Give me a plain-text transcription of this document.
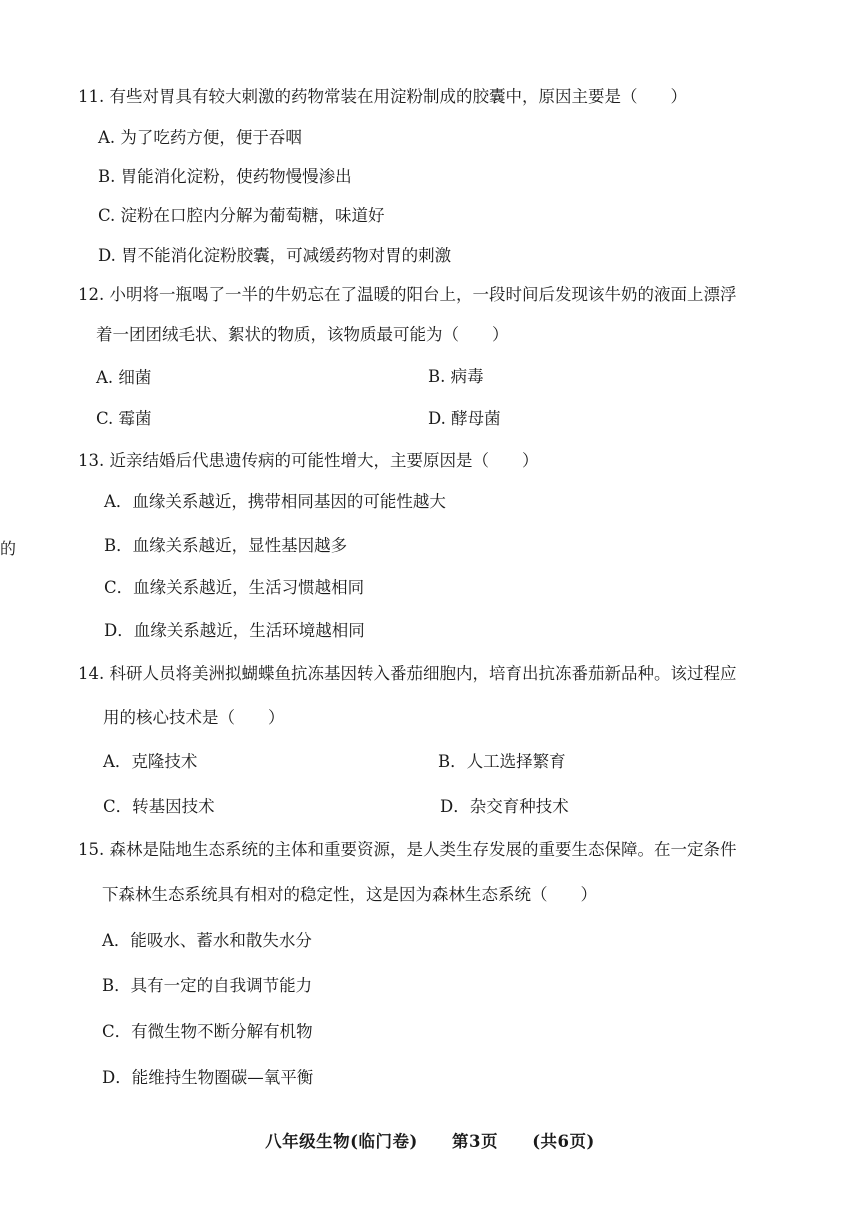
的
11. 有些对胃具有较大刺激的药物常装在用淀粉制成的胶囊中，原因主要是（　　）
A. 为了吃药方便，便于吞咽
B. 胃能消化淀粉，使药物慢慢渗出
C. 淀粉在口腔内分解为葡萄糖，味道好
D. 胃不能消化淀粉胶囊，可减缓药物对胃的刺激
12. 小明将一瓶喝了一半的牛奶忘在了温暖的阳台上，一段时间后发现该牛奶的液面上漂浮
着一团团绒毛状、絮状的物质，该物质最可能为（　　）
A. 细菌	B. 病毒
C. 霉菌	D. 酵母菌
13. 近亲结婚后代患遗传病的可能性增大，主要原因是（　　）
A．血缘关系越近，携带相同基因的可能性越大
B．血缘关系越近，显性基因越多
C．血缘关系越近，生活习惯越相同
D．血缘关系越近，生活环境越相同
14. 科研人员将美洲拟蝴蝶鱼抗冻基因转入番茄细胞内，培育出抗冻番茄新品种。该过程应
用的核心技术是（　　）
A．克隆技术	B．人工选择繁育
C．转基因技术	D．杂交育种技术
15. 森林是陆地生态系统的主体和重要资源，是人类生存发展的重要生态保障。在一定条件
下森林生态系统具有相对的稳定性，这是因为森林生态系统（　　）
A．能吸水、蓄水和散失水分
B．具有一定的自我调节能力
C．有微生物不断分解有机物
D．能维持生物圈碳—氧平衡
八年级生物(临门卷) 第3页 (共6页)
